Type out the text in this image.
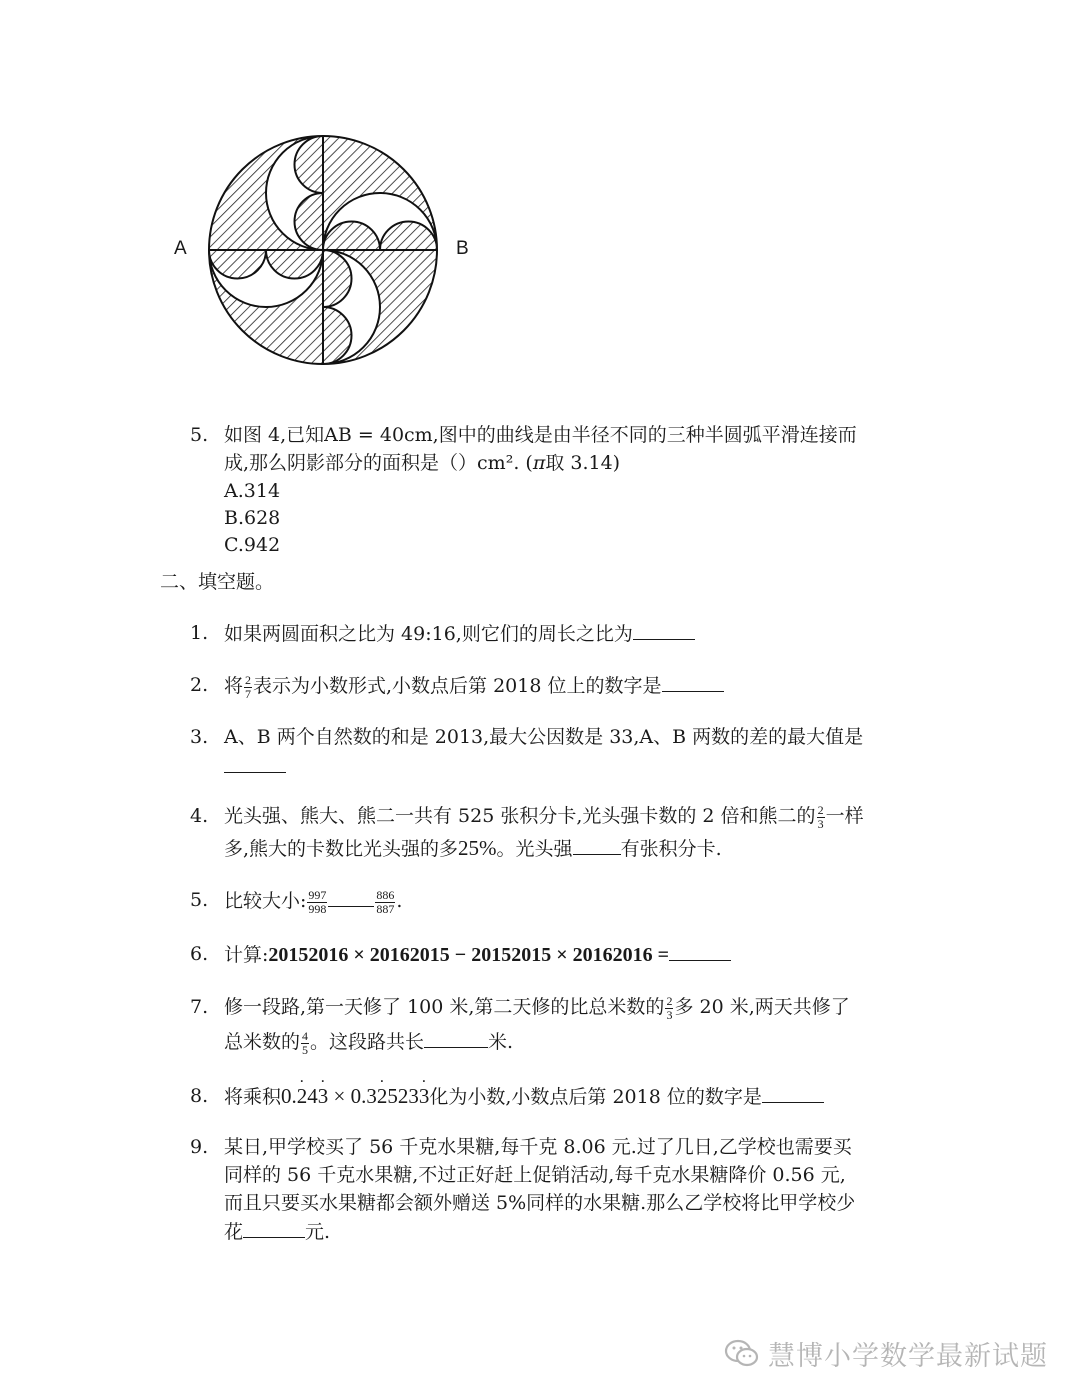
A	B
5. 如图 4,已知AB = 40cm,图中的曲线是由半径不同的三种半圆弧平滑连接而
成,那么阴影部分的面积是（）cm². (π取 3.14)
A.314
B.628
C.942
二、填空题。
1. 如果两圆面积之比为 49:16,则它们的周长之比为
2. 将 $\frac{2}{7}$ 表示为小数形式,小数点后第 2018 位上的数字是
3. A、B 两个自然数的和是 2013,最大公因数是 33,A、B 两数的差的最大值是
4. 光头强、熊大、熊二一共有 525 张积分卡,光头强卡数的 2 倍和熊二的 $\frac{2}{3}$ 一样
多,熊大的卡数比光头强的多25%。光头强	有张积分卡.
5. 比较大小: $\frac{997}{998}$	$\frac{886}{887}$ .
6. 计算:20152016 × 20162015 − 20152015 × 20162016 =
7. 修一段路,第一天修了 100 米,第二天修的比总米数的 $\frac{2}{3}$ 多 20 米,两天共修了
总米数的 $\frac{4}{5}$ 。这段路共长	米.
8. 将乘积0.2 ˙43 ˙ × 0.32 ˙5233 ˙化为小数,小数点后第 2018 位的数字是
9. 某日,甲学校买了 56 千克水果糖,每千克 8.06 元.过了几日,乙学校也需要买
同样的 56 千克水果糖,不过正好赶上促销活动,每千克水果糖降价 0.56 元,
而且只要买水果糖都会额外赠送 5%同样的水果糖.那么乙学校将比甲学校少
花	元.
慧博小学数学最新试题
